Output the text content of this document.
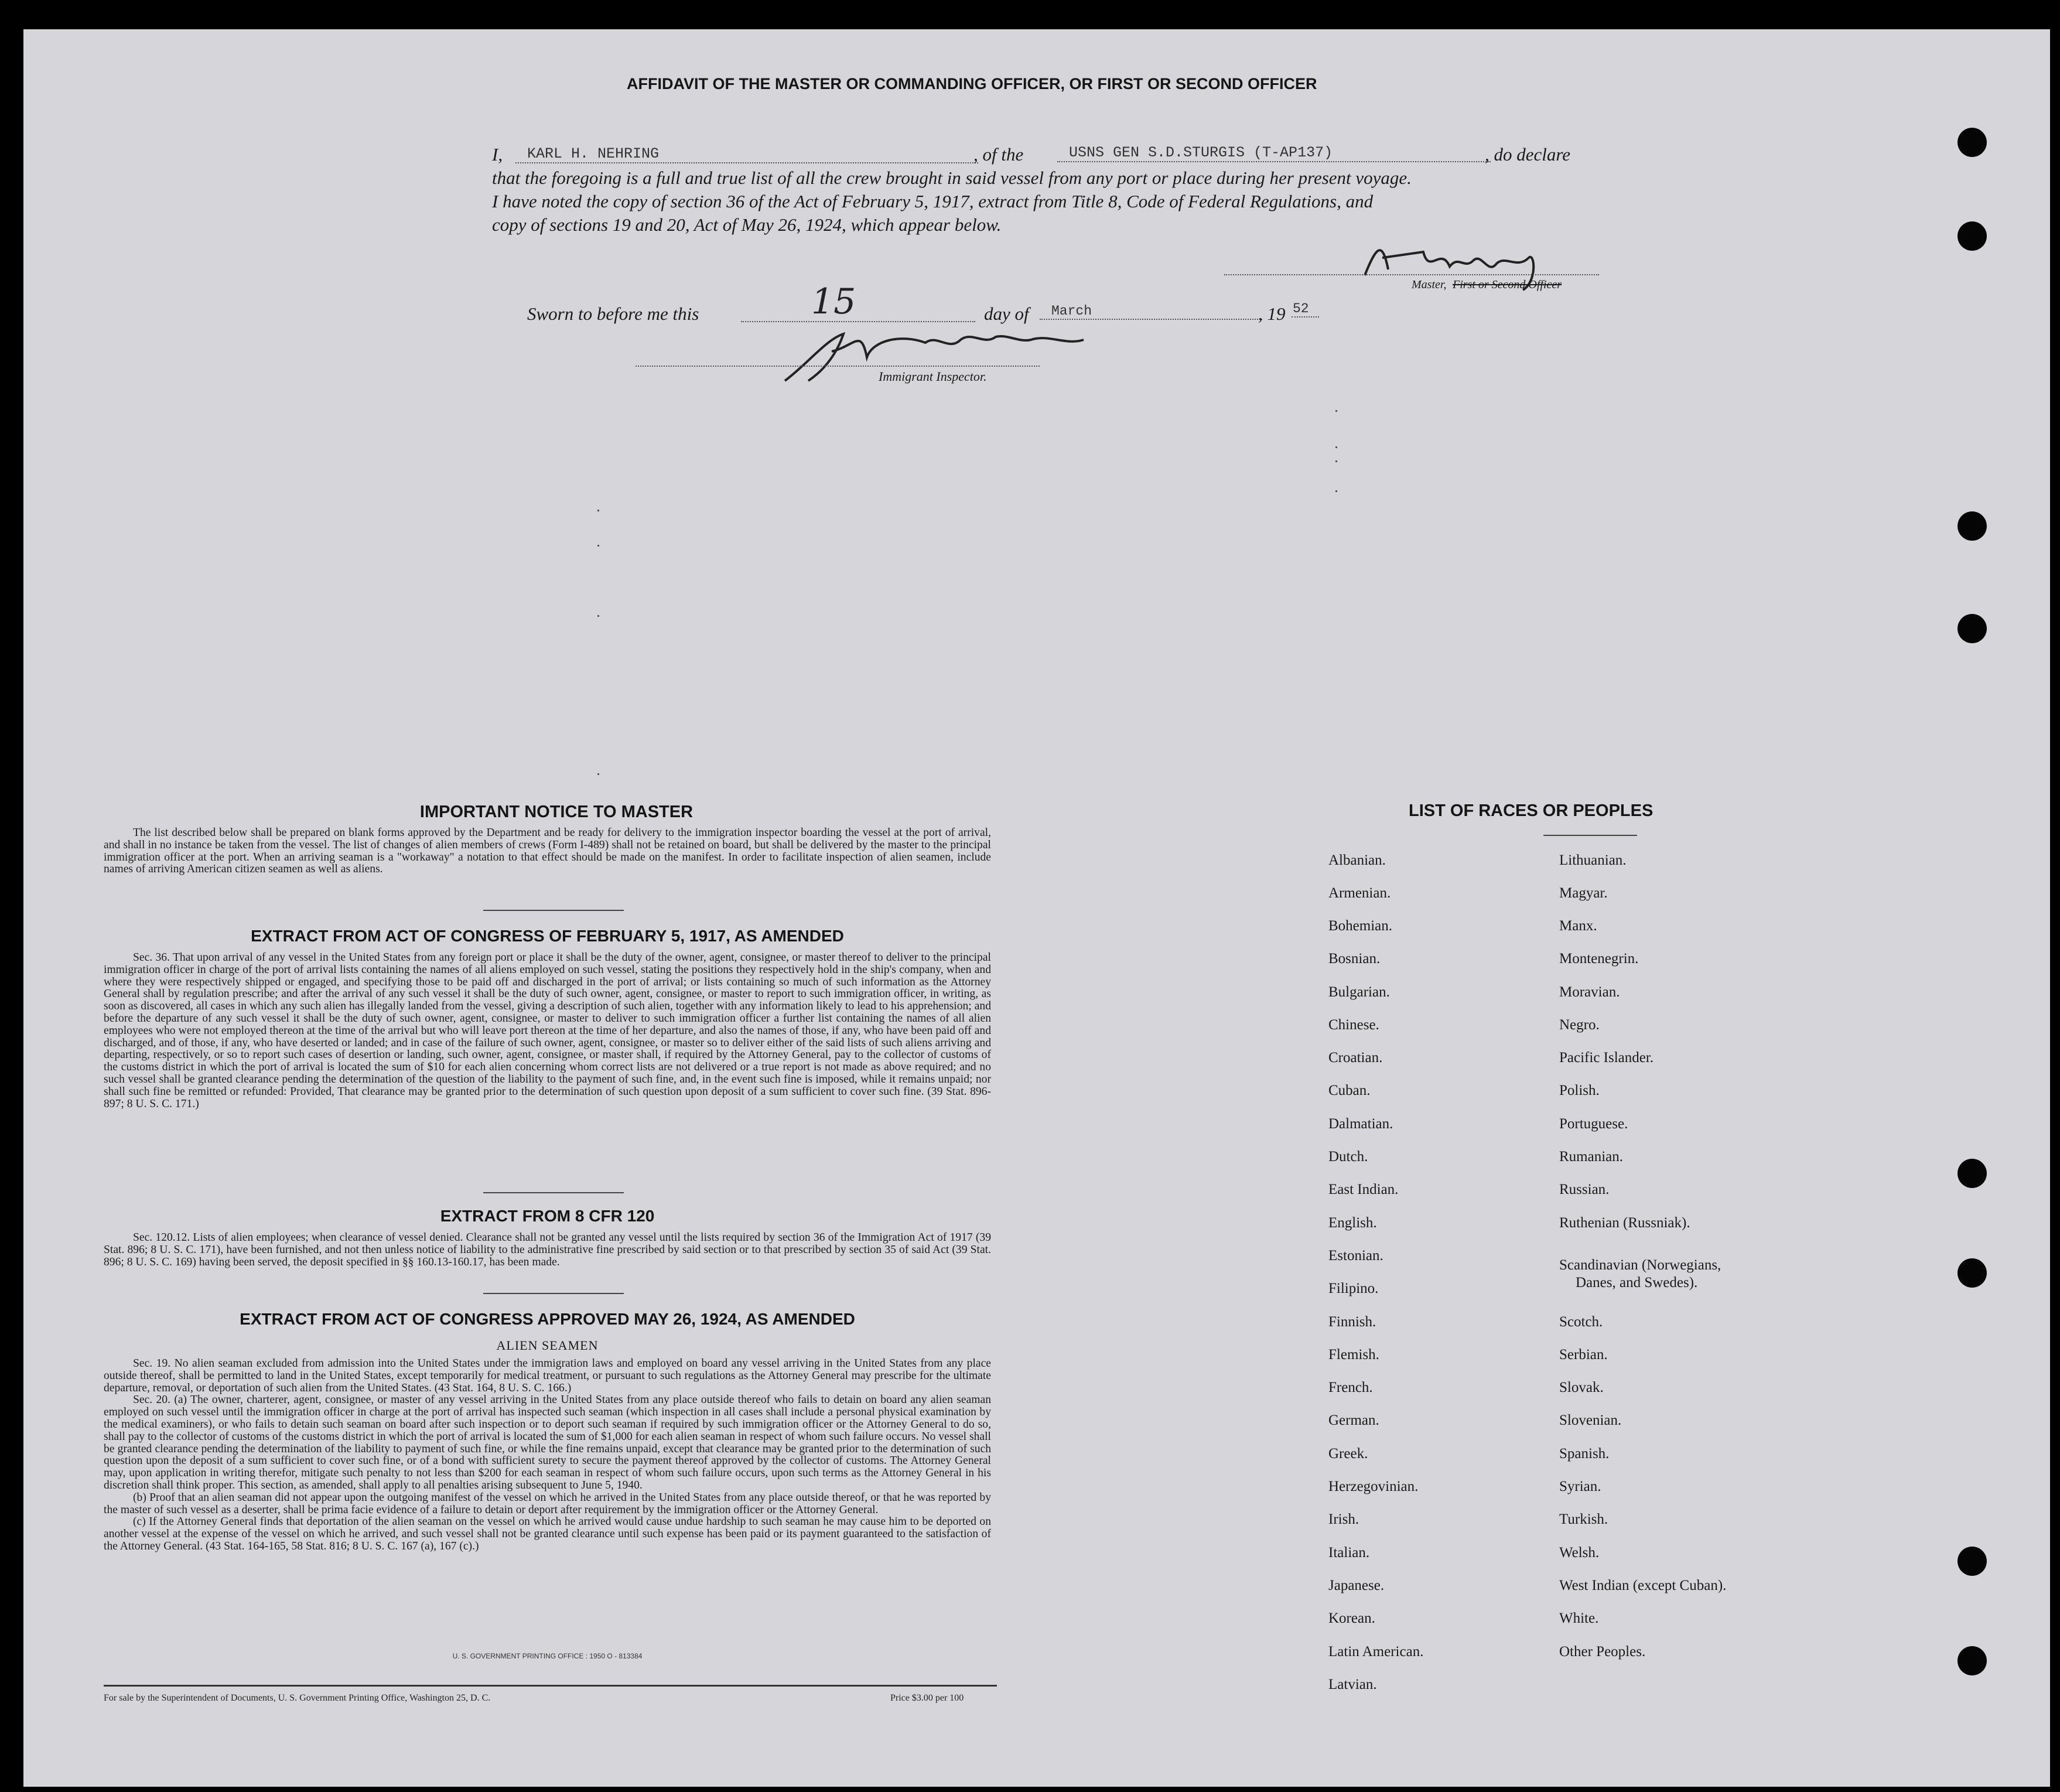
AFFIDAVIT OF THE MASTER OR COMMANDING OFFICER, OR FIRST OR SECOND OFFICER
I,	KARL H. NEHRING	, of the	USNS GEN S.D.STURGIS (T-AP137)	, do declare
that the foregoing is a full and true list of all the crew brought in said vessel from any port or place during her present voyage.
I have noted the copy of section 36 of the Act of February 5, 1917, extract from Title 8, Code of Federal Regulations, and
copy of sections 19 and 20, Act of May 26, 1924, which appear below.
Master, First or Second Officer
Sworn to before me this	15	day of	March	, 19 52
Immigrant Inspector.
IMPORTANT NOTICE TO MASTER

The list described below shall be prepared on blank forms approved by the Department and be ready for delivery to the immigration inspector boarding the vessel at the port of arrival, and shall in no instance be taken from the vessel. The list of changes of alien members of crews (Form I-489) shall not be retained on board, but shall be delivered by the master to the principal immigration officer at the port. When an arriving seaman is a "workaway" a notation to that effect should be made on the manifest. In order to facilitate inspection of alien seamen, include names of arriving American citizen seamen as well as aliens.

EXTRACT FROM ACT OF CONGRESS OF FEBRUARY 5, 1917, AS AMENDED

Sec. 36. That upon arrival of any vessel in the United States from any foreign port or place it shall be the duty of the owner, agent, consignee, or master thereof to deliver to the principal immigration officer in charge of the port of arrival lists containing the names of all aliens employed on such vessel, stating the positions they respectively hold in the ship's company, when and where they were respectively shipped or engaged, and specifying those to be paid off and discharged in the port of arrival; or lists containing so much of such information as the Attorney General shall by regulation prescribe; and after the arrival of any such vessel it shall be the duty of such owner, agent, consignee, or master to report to such immigration officer, in writing, as soon as discovered, all cases in which any such alien has illegally landed from the vessel, giving a description of such alien, together with any information likely to lead to his apprehension; and before the departure of any such vessel it shall be the duty of such owner, agent, consignee, or master to deliver to such immigration officer a further list containing the names of all alien employees who were not employed thereon at the time of the arrival but who will leave port thereon at the time of her departure, and also the names of those, if any, who have been paid off and discharged, and of those, if any, who have deserted or landed; and in case of the failure of such owner, agent, consignee, or master so to deliver either of the said lists of such aliens arriving and departing, respectively, or so to report such cases of desertion or landing, such owner, agent, consignee, or master shall, if required by the Attorney General, pay to the collector of customs of the customs district in which the port of arrival is located the sum of $10 for each alien concerning whom correct lists are not delivered or a true report is not made as above required; and no such vessel shall be granted clearance pending the determination of the question of the liability to the payment of such fine, and, in the event such fine is imposed, while it remains unpaid; nor shall such fine be remitted or refunded: Provided, That clearance may be granted prior to the determination of such question upon deposit of a sum sufficient to cover such fine. (39 Stat. 896-897; 8 U. S. C. 171.)

EXTRACT FROM 8 CFR 120

Sec. 120.12. Lists of alien employees; when clearance of vessel denied. Clearance shall not be granted any vessel until the lists required by section 36 of the Immigration Act of 1917 (39 Stat. 896; 8 U. S. C. 171), have been furnished, and not then unless notice of liability to the administrative fine prescribed by said section or to that prescribed by section 35 of said Act (39 Stat. 896; 8 U. S. C. 169) having been served, the deposit specified in §§ 160.13-160.17, has been made.

EXTRACT FROM ACT OF CONGRESS APPROVED MAY 26, 1924, AS AMENDED
ALIEN SEAMEN

Sec. 19. No alien seaman excluded from admission into the United States under the immigration laws and employed on board any vessel arriving in the United States from any place outside thereof, shall be permitted to land in the United States, except temporarily for medical treatment, or pursuant to such regulations as the Attorney General may prescribe for the ultimate departure, removal, or deportation of such alien from the United States. (43 Stat. 164, 8 U. S. C. 166.)

Sec. 20. (a) The owner, charterer, agent, consignee, or master of any vessel arriving in the United States from any place outside thereof who fails to detain on board any alien seaman employed on such vessel until the immigration officer in charge at the port of arrival has inspected such seaman (which inspection in all cases shall include a personal physical examination by the medical examiners), or who fails to detain such seaman on board after such inspection or to deport such seaman if required by such immigration officer or the Attorney General to do so, shall pay to the collector of customs of the customs district in which the port of arrival is located the sum of $1,000 for each alien seaman in respect of whom such failure occurs. No vessel shall be granted clearance pending the determination of the liability to payment of such fine, or while the fine remains unpaid, except that clearance may be granted prior to the determination of such question upon the deposit of a sum sufficient to cover such fine, or of a bond with sufficient surety to secure the payment thereof approved by the collector of customs. The Attorney General may, upon application in writing therefor, mitigate such penalty to not less than $200 for each seaman in respect of whom such failure occurs, upon such terms as the Attorney General in his discretion shall think proper. This section, as amended, shall apply to all penalties arising subsequent to June 5, 1940.

(b) Proof that an alien seaman did not appear upon the outgoing manifest of the vessel on which he arrived in the United States from any place outside thereof, or that he was reported by the master of such vessel as a deserter, shall be prima facie evidence of a failure to detain or deport after requirement by the immigration officer or the Attorney General.

(c) If the Attorney General finds that deportation of the alien seaman on the vessel on which he arrived would cause undue hardship to such seaman he may cause him to be deported on another vessel at the expense of the vessel on which he arrived, and such vessel shall not be granted clearance until such expense has been paid or its payment guaranteed to the satisfaction of the Attorney General. (43 Stat. 164-165, 58 Stat. 816; 8 U. S. C. 167 (a), 167 (c).)

U. S. GOVERNMENT PRINTING OFFICE : 1950 O - 813384
For sale by the Superintendent of Documents, U. S. Government Printing Office, Washington 25, D. C.	Price $3.00 per 100
LIST OF RACES OR PEOPLES
Albanian.
Armenian.
Bohemian.
Bosnian.
Bulgarian.
Chinese.
Croatian.
Cuban.
Dalmatian.
Dutch.
East Indian.
English.
Estonian.
Filipino.
Finnish.
Flemish.
French.
German.
Greek.
Herzegovinian.
Irish.
Italian.
Japanese.
Korean.
Latin American.
Latvian.
Lithuanian.
Magyar.
Manx.
Montenegrin.
Moravian.
Negro.
Pacific Islander.
Polish.
Portuguese.
Rumanian.
Russian.
Ruthenian (Russniak).
Scandinavian (Norwegians,
Danes, and Swedes).
Scotch.
Serbian.
Slovak.
Slovenian.
Spanish.
Syrian.
Turkish.
Welsh.
West Indian (except Cuban).
White.
Other Peoples.
